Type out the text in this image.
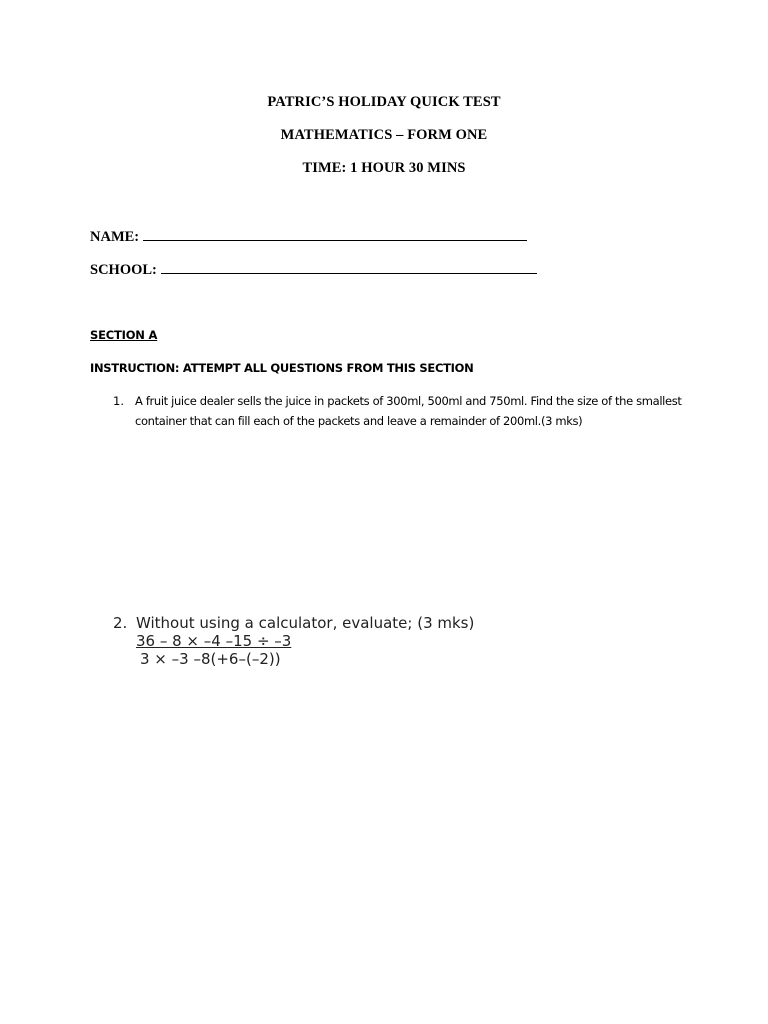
PATRIC’S HOLIDAY QUICK TEST
MATHEMATICS – FORM ONE
TIME: 1 HOUR 30 MINS
NAME:
SCHOOL:
SECTION A
INSTRUCTION: ATTEMPT ALL QUESTIONS FROM THIS SECTION
1. A fruit juice dealer sells the juice in packets of 300ml, 500ml and 750ml. Find the size of the smallest container that can fill each of the packets and leave a remainder of 200ml.(3 mks)
2. Without using a calculator, evaluate; (3 mks)
36 – 8 × –4 –15 ÷ –3
3 × –3 –8(+6–(–2))
